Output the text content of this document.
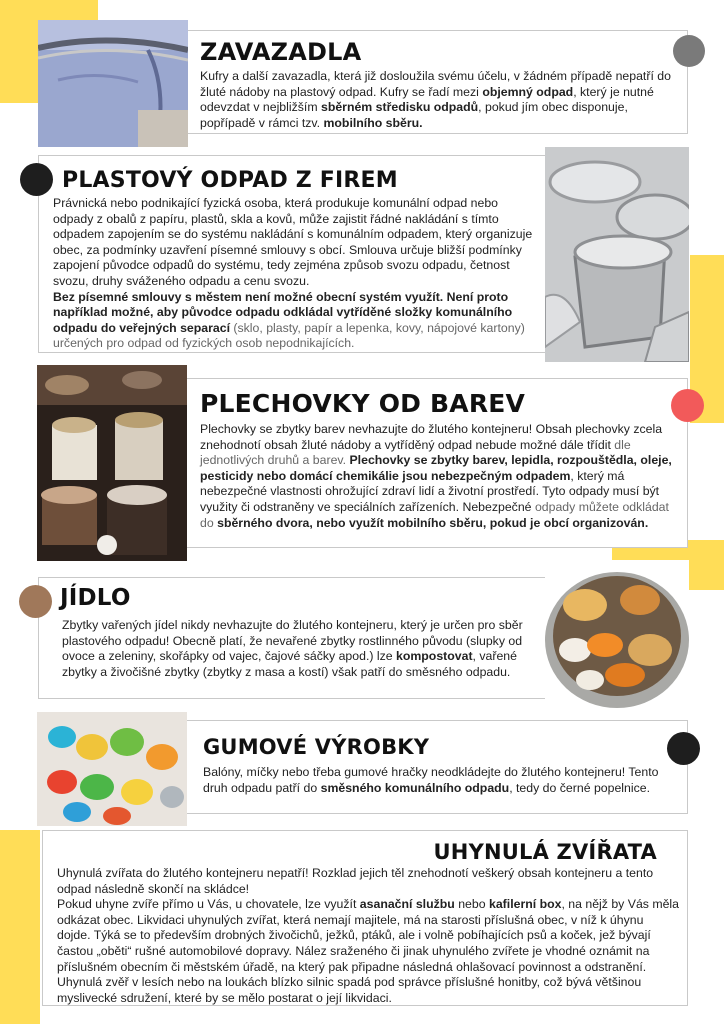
ZAVAZADLA
Kufry a další zavazadla, která již dosloužila svému účelu, v žádném případě nepatří do žluté nádoby na plastový odpad. Kufry se řadí mezi objemný odpad, který je nutné odevzdat v nejbližším sběrném středisku odpadů, pokud jím obec disponuje, popřípadě v rámci tzv. mobilního sběru.
PLASTOVÝ ODPAD Z FIREM
Právnická nebo podnikající fyzická osoba, která produkuje komunální odpad nebo odpady z obalů z papíru, plastů, skla a kovů, může zajistit řádné nakládání s tímto odpadem zapojením se do systému nakládání s komunálním odpadem, který organizuje obec, za podmínky uzavření písemné smlouvy s obcí. Smlouva určuje bližší podmínky zapojení původce odpadů do systému, tedy zejména způsob svozu odpadu, četnost svozu, druhy sváženého odpadu a cenu svozu.
Bez písemné smlouvy s městem není možné obecní systém využít. Není proto například možné, aby původce odpadu odkládal vytříděné složky komunálního odpadu do veřejných separací (sklo, plasty, papír a lepenka, kovy, nápojové kartony) určených pro odpad od fyzických osob nepodnikajících.
PLECHOVKY OD BAREV
Plechovky se zbytky barev nevhazujte do žlutého kontejneru! Obsah plechovky zcela znehodnotí obsah žluté nádoby a vytříděný odpad nebude možné dále třídit dle jednotlivých druhů a barev. Plechovky se zbytky barev, lepidla, rozpouštědla, oleje, pesticidy nebo domácí chemikálie jsou nebezpečným odpadem, který má nebezpečné vlastnosti ohrožující zdraví lidí a životní prostředí. Tyto odpady musí být využity či odstraněny ve speciálních zařízeních. Nebezpečné odpady můžete odkládat do sběrného dvora, nebo využít mobilního sběru, pokud je obcí organizován.
JÍDLO
Zbytky vařených jídel nikdy nevhazujte do žlutého kontejneru, který je určen pro sběr plastového odpadu! Obecně platí, že nevařené zbytky rostlinného původu (slupky od ovoce a zeleniny, skořápky od vajec, čajové sáčky apod.) lze kompostovat, vařené zbytky a živočišné zbytky (zbytky z masa a kostí) však patří do směsného odpadu.
GUMOVÉ VÝROBKY
Balóny, míčky nebo třeba gumové hračky neodkládejte do žlutého kontejneru! Tento druh odpadu patří do směsného komunálního odpadu, tedy do černé popelnice.
UHYNULÁ ZVÍŘATA
Uhynulá zvířata do žlutého kontejneru nepatří! Rozklad jejich těl znehodnotí veškerý obsah kontejneru a tento odpad následně skončí na skládce!
Pokud uhyne zvíře přímo u Vás, u chovatele, lze využít asanační službu nebo kafilerní box, na nějž by Vás měla odkázat obec. Likvidaci uhynulých zvířat, která nemají majitele, má na starosti příslušná obec, v níž k úhynu dojde. Týká se to především drobných živočichů, ježků, ptáků, ale i volně pobíhajících psů a koček, jež bývají častou „oběti“ rušné automobilové dopravy. Nález sraženého či jinak uhynulého zvířete je vhodné oznámit na příslušném obecním či městském úřadě, na který pak připadne následná ohlašovací povinnost a odstranění. Uhynulá zvěř v lesích nebo na loukách blízko silnic spadá pod správce příslušné honitby, což bývá většinou myslivecké sdružení, které by se mělo postarat o její likvidaci.
